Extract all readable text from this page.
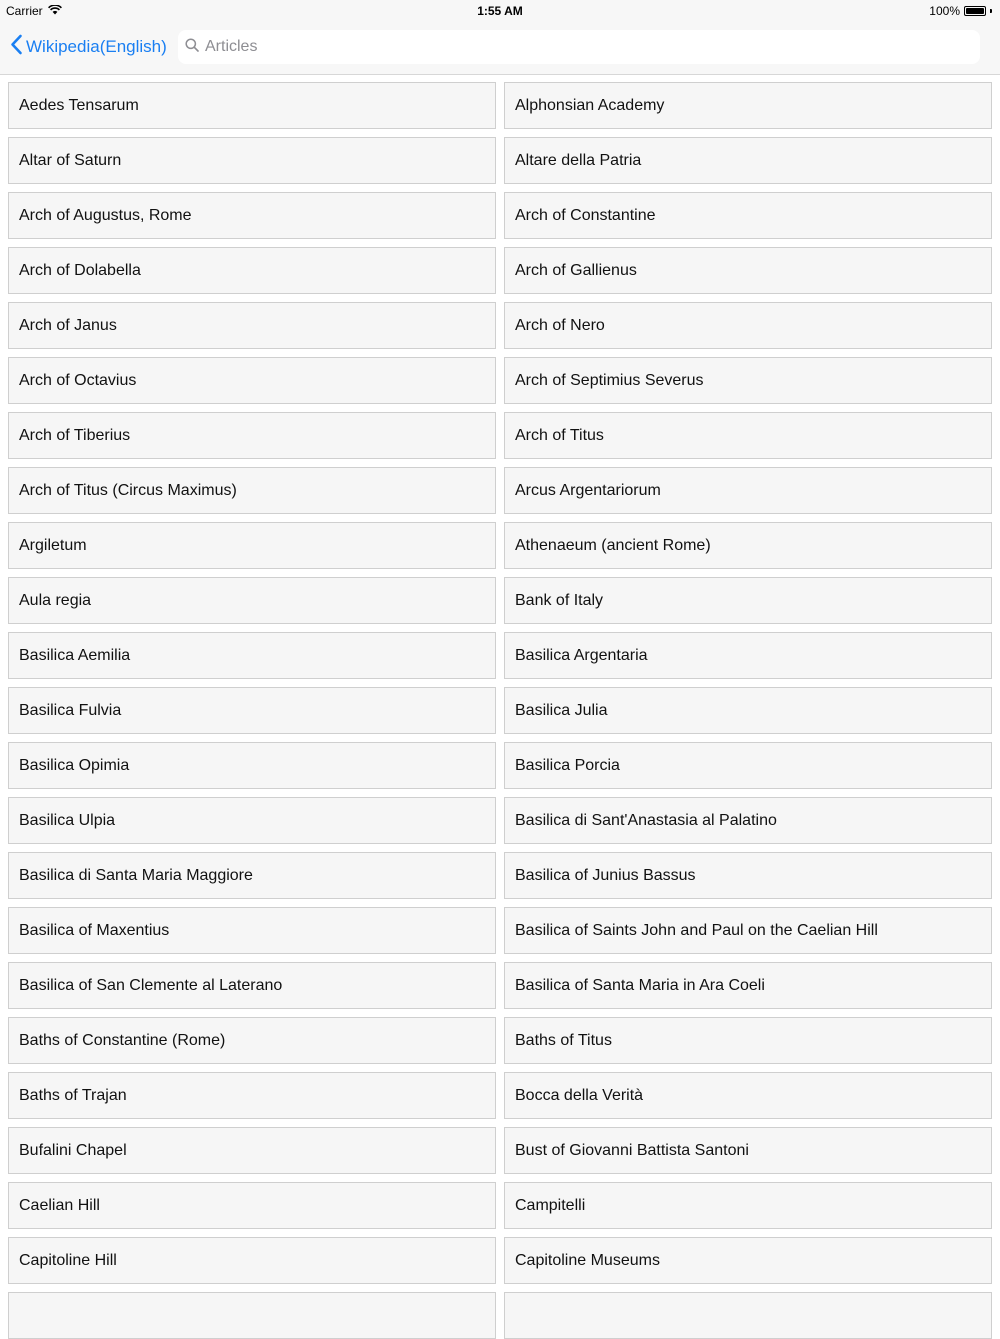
Carrier	1:55 AM	100%
Wikipedia(English)
Articles
Aedes Tensarum	Alphonsian Academy
Altar of Saturn	Altare della Patria
Arch of Augustus, Rome	Arch of Constantine
Arch of Dolabella	Arch of Gallienus
Arch of Janus	Arch of Nero
Arch of Octavius	Arch of Septimius Severus
Arch of Tiberius	Arch of Titus
Arch of Titus (Circus Maximus)	Arcus Argentariorum
Argiletum	Athenaeum (ancient Rome)
Aula regia	Bank of Italy
Basilica Aemilia	Basilica Argentaria
Basilica Fulvia	Basilica Julia
Basilica Opimia	Basilica Porcia
Basilica Ulpia	Basilica di Sant'Anastasia al Palatino
Basilica di Santa Maria Maggiore	Basilica of Junius Bassus
Basilica of Maxentius	Basilica of Saints John and Paul on the Caelian Hill
Basilica of San Clemente al Laterano	Basilica of Santa Maria in Ara Coeli
Baths of Constantine (Rome)	Baths of Titus
Baths of Trajan	Bocca della Verità
Bufalini Chapel	Bust of Giovanni Battista Santoni
Caelian Hill	Campitelli
Capitoline Hill	Capitoline Museums
